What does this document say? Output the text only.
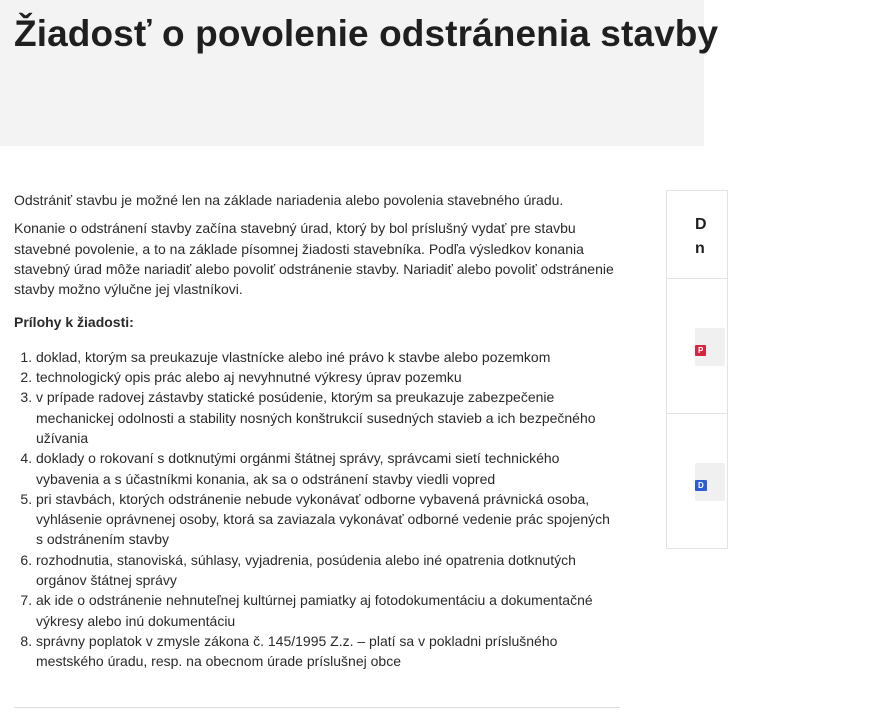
Žiadosť o povolenie odstránenia stavby

Odstrániť stavbu je možné len na základe nariadenia alebo povolenia stavebného úradu.

Konanie o odstránení stavby začína stavebný úrad, ktorý by bol príslušný vydať pre stavbu stavebné povolenie, a to na základe písomnej žiadosti stavebníka. Podľa výsledkov konania stavebný úrad môže nariadiť alebo povoliť odstránenie stavby. Nariadiť alebo povoliť odstránenie stavby možno výlučne jej vlastníkovi.

Prílohy k žiadosti:

1. doklad, ktorým sa preukazuje vlastnícke alebo iné právo k stavbe alebo pozemkom
2. technologický opis prác alebo aj nevyhnutné výkresy úprav pozemku
3. v prípade radovej zástavby statické posúdenie, ktorým sa preukazuje zabezpečenie mechanickej odolnosti a stability nosných konštrukcií susedných stavieb a ich bezpečného užívania
4. doklady o rokovaní s dotknutými orgánmi štátnej správy, správcami sietí technického vybavenia a s účastníkmi konania, ak sa o odstránení stavby viedli vopred
5. pri stavbách, ktorých odstránenie nebude vykonávať odborne vybavená právnická osoba, vyhlásenie oprávnenej osoby, ktorá sa zaviazala vykonávať odborné vedenie prác spojených s odstránením stavby
6. rozhodnutia, stanoviská, súhlasy, vyjadrenia, posúdenia alebo iné opatrenia dotknutých orgánov štátnej správy
7. ak ide o odstránenie nehnuteľnej kultúrnej pamiatky aj fotodokumentáciu a dokumentačné výkresy alebo inú dokumentáciu
8. správny poplatok v zmysle zákona č. 145/1995 Z.z. – platí sa v pokladni príslušného mestského úradu, resp. na obecnom úrade príslušnej obce
D
n
P
D
